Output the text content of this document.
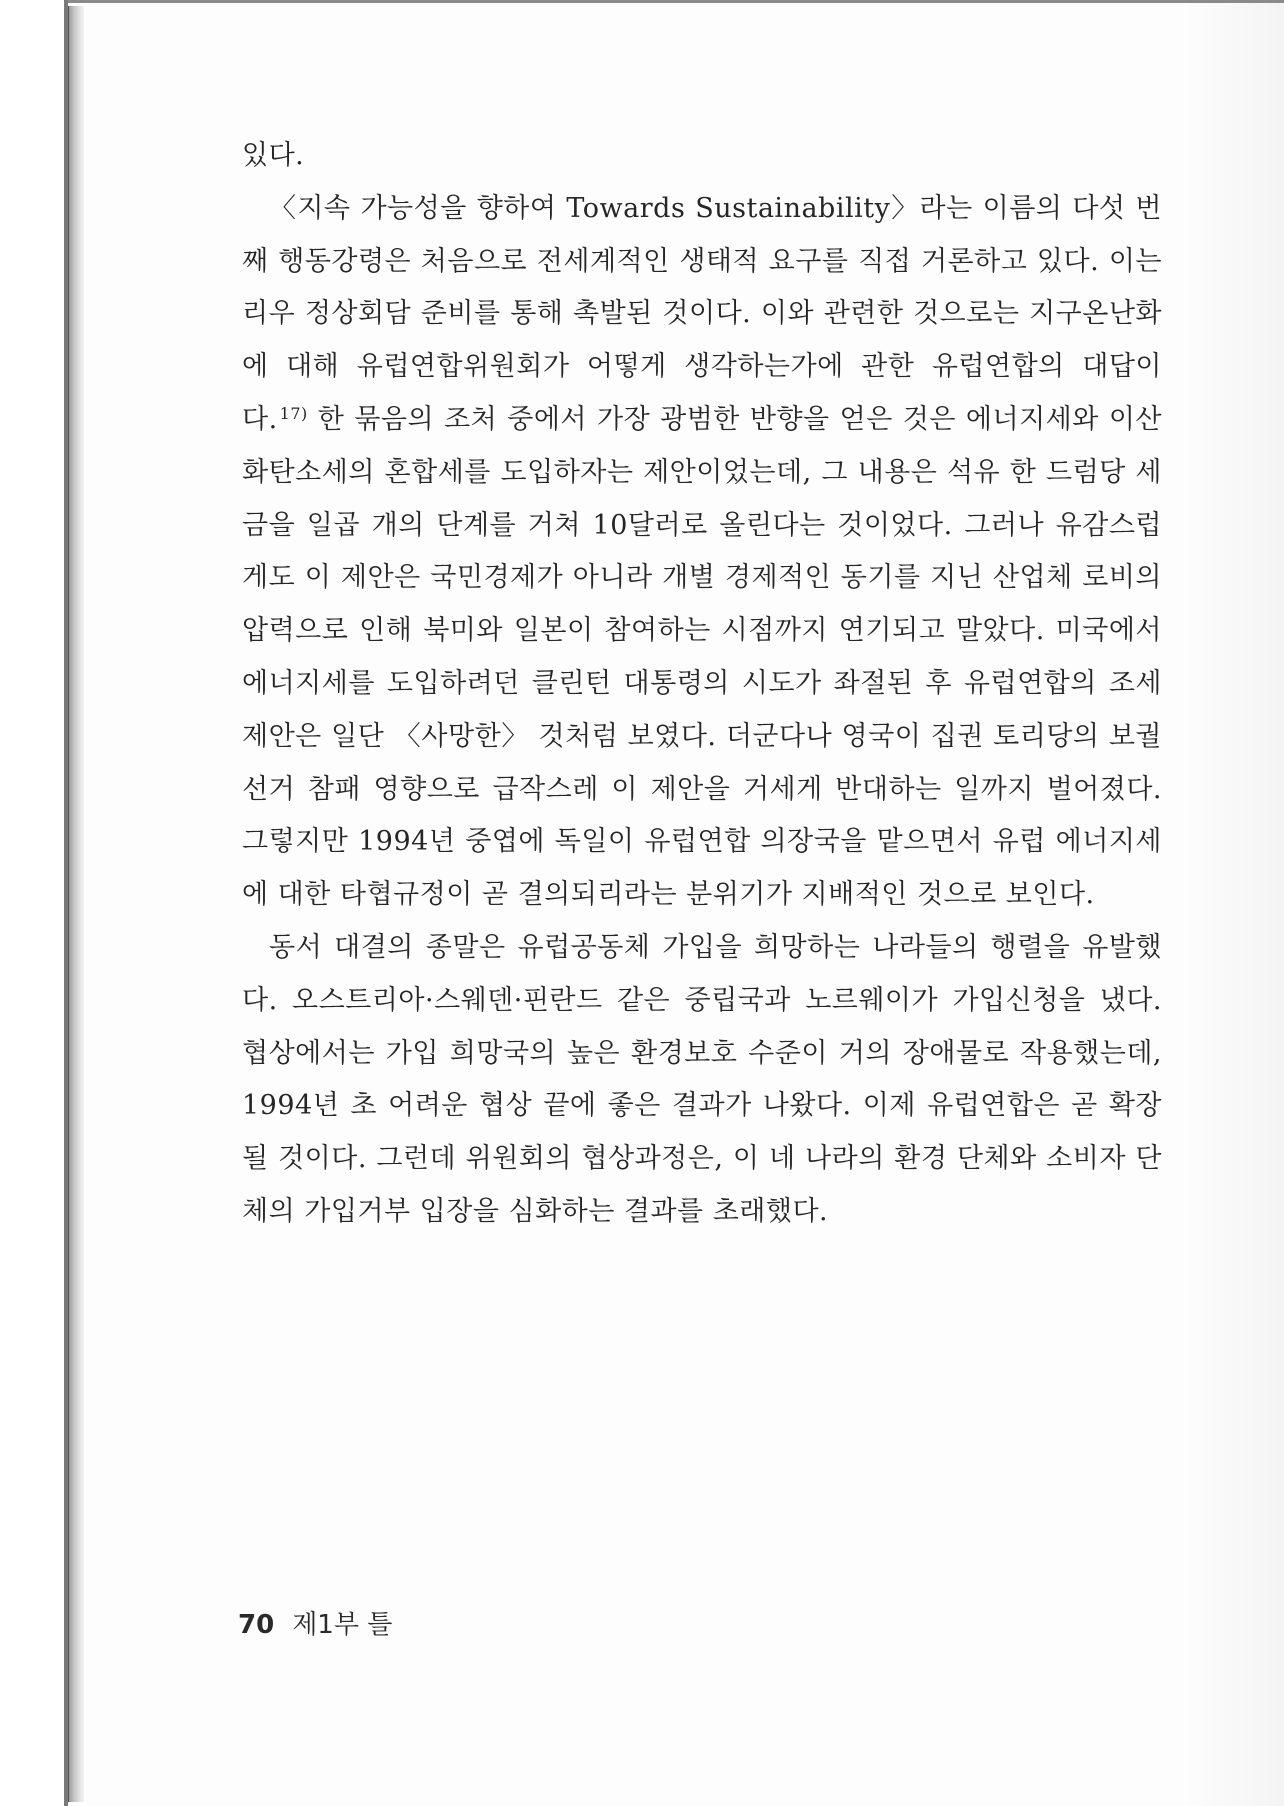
있다.

〈지속 가능성을 향하여 Towards Sustainability〉라는 이름의 다섯 번째 행동강령은 처음으로 전세계적인 생태적 요구를 직접 거론하고 있다. 이는 리우 정상회담 준비를 통해 촉발된 것이다. 이와 관련한 것으로는 지구온난화에 대해 유럽연합위원회가 어떻게 생각하는가에 관한 유럽연합의 대답이다. $^{17)}$ 한 묶음의 조처 중에서 가장 광범한 반향을 얻은 것은 에너지세와 이산화탄소세의 혼합세를 도입하자는 제안이었는데, 그 내용은 석유 한 드럼당 세금을 일곱 개의 단계를 거쳐 10달러로 올린다는 것이었다. 그러나 유감스럽게도 이 제안은 국민경제가 아니라 개별 경제적인 동기를 지닌 산업체 로비의 압력으로 인해 북미와 일본이 참여하는 시점까지 연기되고 말았다. 미국에서 에너지세를 도입하려던 클린턴 대통령의 시도가 좌절된 후 유럽연합의 조세 제안은 일단 〈사망한〉 것처럼 보였다. 더군다나 영국이 집권 토리당의 보궐선거 참패 영향으로 급작스레 이 제안을 거세게 반대하는 일까지 벌어졌다. 그렇지만 1994년 중엽에 독일이 유럽연합 의장국을 맡으면서 유럽 에너지세에 대한 타협규정이 곧 결의되리라는 분위기가 지배적인 것으로 보인다.

동서 대결의 종말은 유럽공동체 가입을 희망하는 나라들의 행렬을 유발했다. 오스트리아·스웨덴·핀란드 같은 중립국과 노르웨이가 가입신청을 냈다. 협상에서는 가입 희망국의 높은 환경보호 수준이 거의 장애물로 작용했는데, 1994년 초 어려운 협상 끝에 좋은 결과가 나왔다. 이제 유럽연합은 곧 확장될 것이다. 그런데 위원회의 협상과정은, 이 네 나라의 환경 단체와 소비자 단체의 가입거부 입장을 심화하는 결과를 초래했다.

70 제1부 틀
